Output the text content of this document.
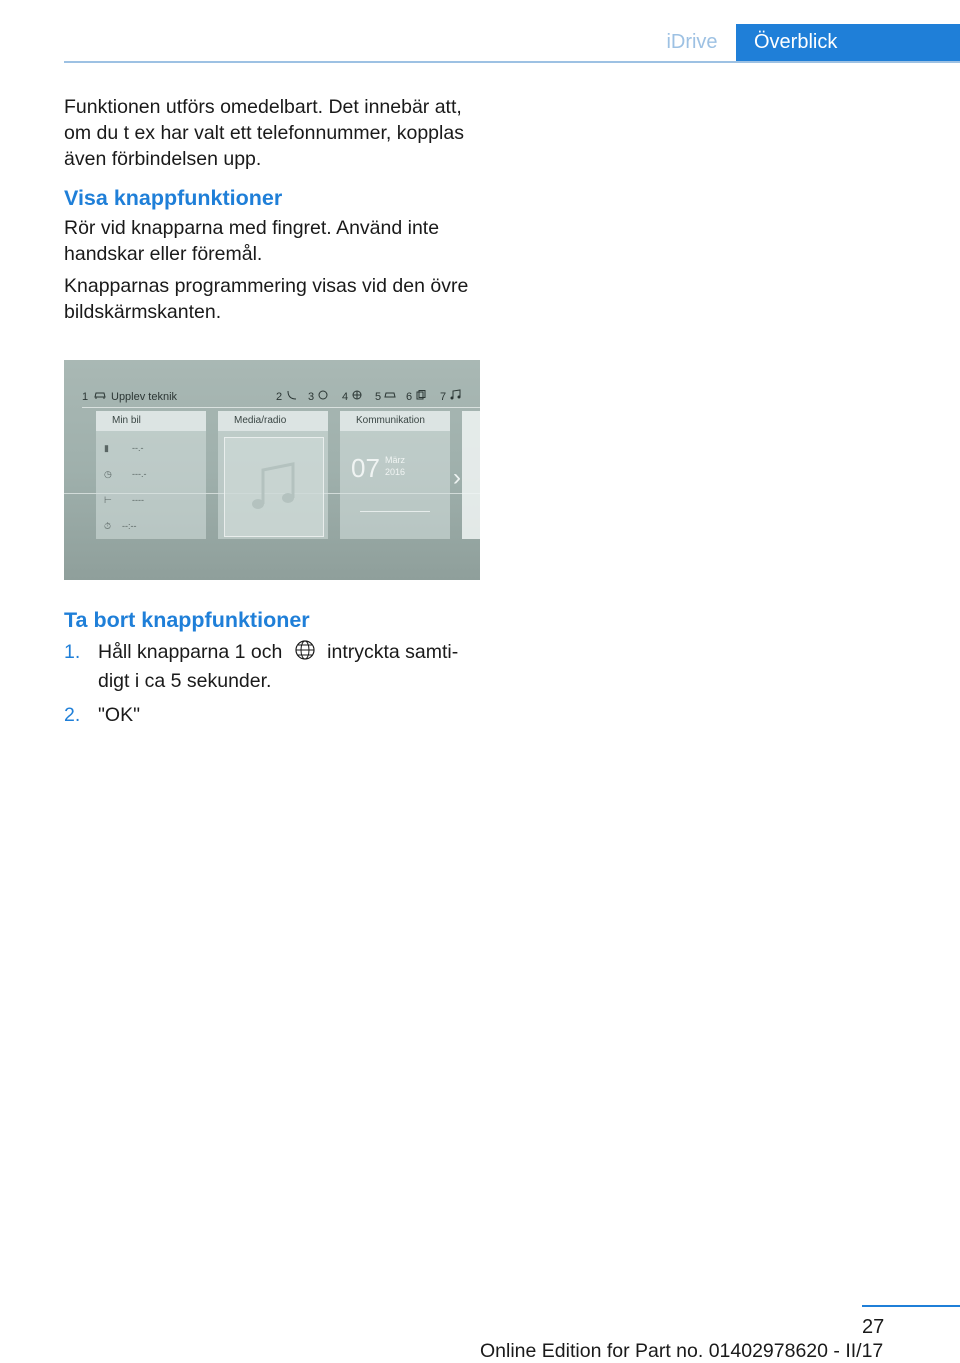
iDrive	Överblick

Funktionen utförs omedelbart. Det innebär att, om du t ex har valt ett telefonnummer, kopplas även förbindelsen upp.

Visa knappfunktioner

Rör vid knapparna med fingret. Använd inte handskar eller föremål.

Knapparnas programmering visas vid den övre bildskärmskanten.

1 Upplev teknik	2 3	4 5 6	7
Min bil
▮	--.-
◷ ---.-
⊢ ----
⏱ --:--
Media/radio	Kommunikation
07 März
2016 ›
Ta bort knappfunktioner
1. Håll knapparna 1 och intryckta samti‐ digt i ca 5 sekunder.
2. "OK"
27
Online Edition for Part no. 01402978620 - II/17
